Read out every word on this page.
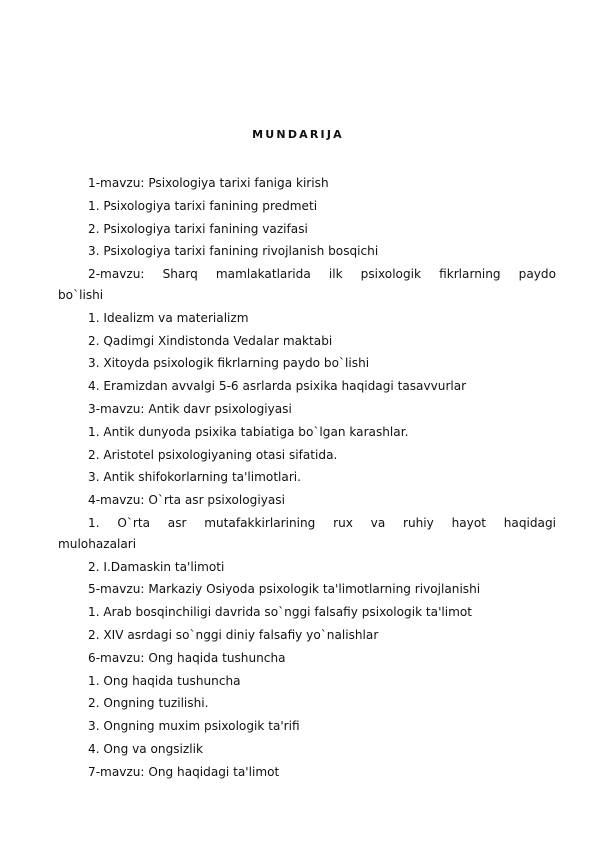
MUNDARIJA
1-mavzu: Psixologiya tarixi faniga kirish
1. Psixologiya tarixi fanining predmeti
2. Psixologiya tarixi fanining vazifasi
3. Psixologiya tarixi fanining rivojlanish bosqichi
2-mavzu: Sharq mamlakatlarida ilk psixologik fikrlarning paydo
bo`lishi
1. Idealizm va materializm
2. Qadimgi Xindistonda Vedalar maktabi
3. Xitoyda psixologik fikrlarning paydo bo`lishi
4. Eramizdan avvalgi 5-6 asrlarda psixika haqidagi tasavvurlar
3-mavzu: Antik davr psixologiyasi
1. Antik dunyoda psixika tabiatiga bo`lgan karashlar.
2. Aristotel psixologiyaning otasi sifatida.
3. Antik shifokorlarning ta'limotlari.
4-mavzu: O`rta asr psixologiyasi
1. O`rta asr mutafakkirlarining rux va ruhiy hayot haqidagi
mulohazalari
2. I.Damaskin ta'limoti
5-mavzu: Markaziy Osiyoda psixologik ta'limotlarning rivojlanishi
1. Arab bosqinchiligi davrida so`nggi falsafiy psixologik ta'limot
2. XIV asrdagi so`nggi diniy falsafiy yo`nalishlar
6-mavzu: Ong haqida tushuncha
1. Ong haqida tushuncha
2. Ongning tuzilishi.
3. Ongning muxim psixologik ta'rifi
4. Ong va ongsizlik
7-mavzu: Ong haqidagi ta'limot
